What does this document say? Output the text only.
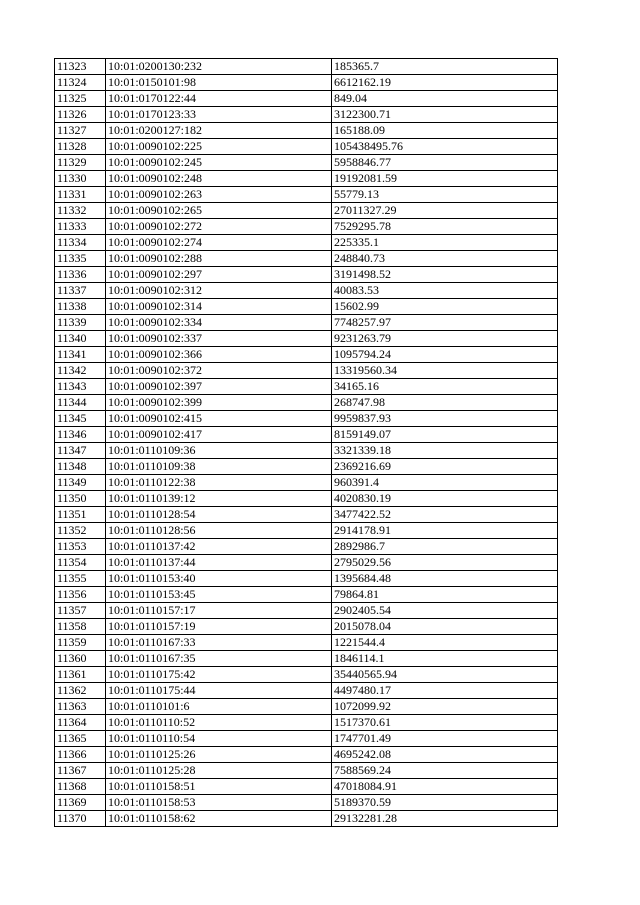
11323	10:01:0200130:232	185365.7
11324	10:01:0150101:98	6612162.19
11325	10:01:0170122:44	849.04
11326	10:01:0170123:33	3122300.71
11327	10:01:0200127:182	165188.09
11328	10:01:0090102:225	105438495.76
11329	10:01:0090102:245	5958846.77
11330	10:01:0090102:248	19192081.59
11331	10:01:0090102:263	55779.13
11332	10:01:0090102:265	27011327.29
11333	10:01:0090102:272	7529295.78
11334	10:01:0090102:274	225335.1
11335	10:01:0090102:288	248840.73
11336	10:01:0090102:297	3191498.52
11337	10:01:0090102:312	40083.53
11338	10:01:0090102:314	15602.99
11339	10:01:0090102:334	7748257.97
11340	10:01:0090102:337	9231263.79
11341	10:01:0090102:366	1095794.24
11342	10:01:0090102:372	13319560.34
11343	10:01:0090102:397	34165.16
11344	10:01:0090102:399	268747.98
11345	10:01:0090102:415	9959837.93
11346	10:01:0090102:417	8159149.07
11347	10:01:0110109:36	3321339.18
11348	10:01:0110109:38	2369216.69
11349	10:01:0110122:38	960391.4
11350	10:01:0110139:12	4020830.19
11351	10:01:0110128:54	3477422.52
11352	10:01:0110128:56	2914178.91
11353	10:01:0110137:42	2892986.7
11354	10:01:0110137:44	2795029.56
11355	10:01:0110153:40	1395684.48
11356	10:01:0110153:45	79864.81
11357	10:01:0110157:17	2902405.54
11358	10:01:0110157:19	2015078.04
11359	10:01:0110167:33	1221544.4
11360	10:01:0110167:35	1846114.1
11361	10:01:0110175:42	35440565.94
11362	10:01:0110175:44	4497480.17
11363	10:01:0110101:6	1072099.92
11364	10:01:0110110:52	1517370.61
11365	10:01:0110110:54	1747701.49
11366	10:01:0110125:26	4695242.08
11367	10:01:0110125:28	7588569.24
11368	10:01:0110158:51	47018084.91
11369	10:01:0110158:53	5189370.59
11370	10:01:0110158:62	29132281.28
